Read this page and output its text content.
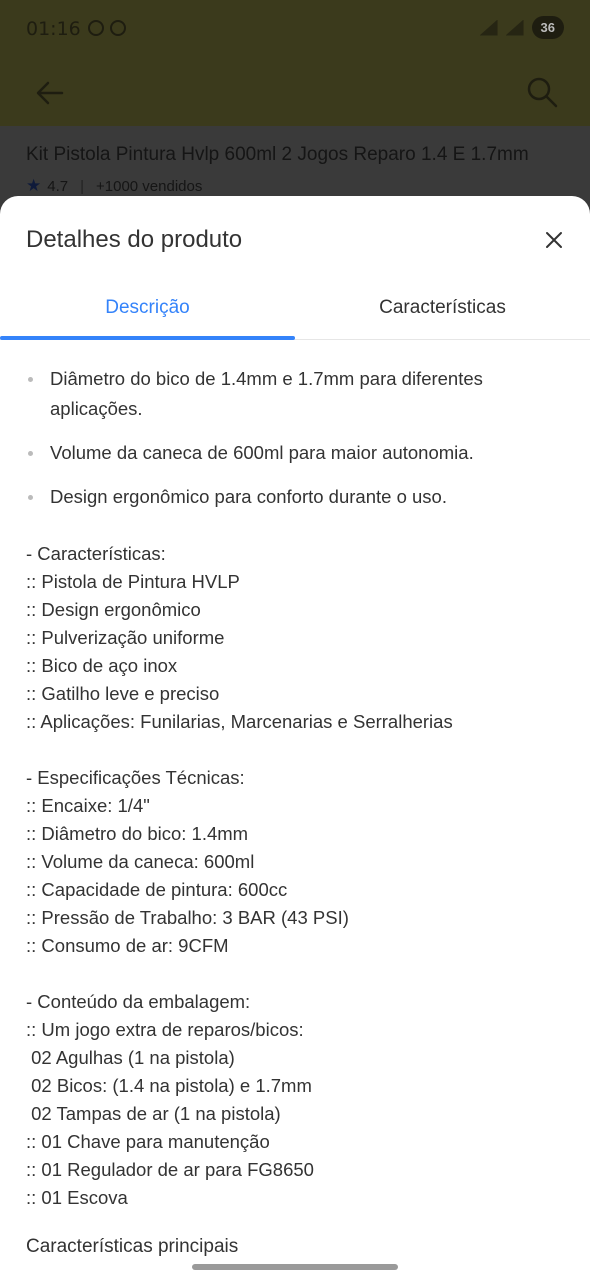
01:16	36
Kit Pistola Pintura Hvlp 600ml 2 Jogos Reparo 1.4 E 1.7mm
★ 4.7 | +1000 vendidos
Detalhes do produto
Descrição	Características
Diâmetro do bico de 1.4mm e 1.7mm para diferentes aplicações.
Volume da caneca de 600ml para maior autonomia.
Design ergonômico para conforto durante o uso.
- Características:
:: Pistola de Pintura HVLP
:: Design ergonômico
:: Pulverização uniforme
:: Bico de aço inox
:: Gatilho leve e preciso
:: Aplicações: Funilarias, Marcenarias e Serralherias
- Especificações Técnicas:
:: Encaixe: 1/4"
:: Diâmetro do bico: 1.4mm
:: Volume da caneca: 600ml
:: Capacidade de pintura: 600cc
:: Pressão de Trabalho: 3 BAR (43 PSI)
:: Consumo de ar: 9CFM
- Conteúdo da embalagem:
:: Um jogo extra de reparos/bicos:
02 Agulhas (1 na pistola)
02 Bicos: (1.4 na pistola) e 1.7mm
02 Tampas de ar (1 na pistola)
:: 01 Chave para manutenção
:: 01 Regulador de ar para FG8650
:: 01 Escova
Características principais
